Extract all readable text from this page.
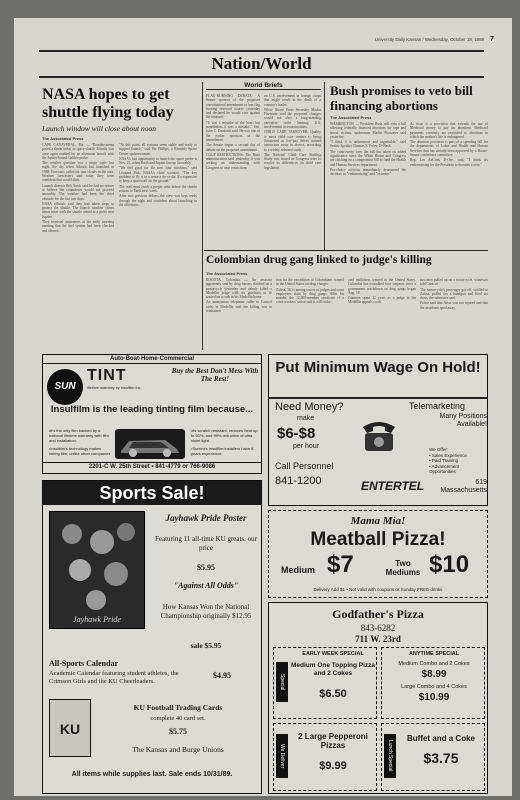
University Daily Kansan / Wednesday, October 18, 1989 7
Nation/World
NASA hopes to get shuttle flying today
Launch window will close about noon
The Associated Press

CAPE CANAVERAL, Fla. — Thunderstorms posed a threat today as space shuttle Atlantis was once again readied for an afternoon launch with the Jupiter-bound Galileo probe.

The weather question was a major topic last night, the day when Atlantis last launched in 1988. Forecasts called for rain clouds in the area. Weather forecasters said today they were confident that would shift.

Launch director Bob Sieck said he had no reason to believe the countdown would not proceed smoothly. The weather had been the chief obstacle for the last two days.

NASA officials said they had taken steps to protect the shuttle. The launch window closes about noon with the shuttle aimed at a point near Jupiter.

They received assurances at the early morning meeting that the fuel system had been checked and cleared.

"At this point, all systems seem stable and ready to support launch," said Pat Phillips, a Kennedy Space Center spokeswoman.

NASA's last opportunity to launch the space probe is Nov. 21, when Earth and Jupiter line up favorably.

"We feel good for the next four windows," said Leonard Fisk, NASA's chief scientist. "The key problem to fly is in a sense a do-or-die. It's expensive to keep a spacecraft on the ground."

The craft must reach a proper orbit before the shuttle returns to Earth next week.

After two previous delays, the crew was kept ready through the night and confident about launching in the afternoon.

World Briefs

FLAG-BURNING DEBATE: A Senate sponsor of the proposed constitutional amendment to ban flag burning reversed course yesterday and declared he would vote against the measure.

"It was a mistake of the heart but nonetheless it was a mistake," Sen. John C. Danforth said. He was one of the earlier sponsors of the amendment.

The Senate began a second day of debate on the proposed amendment.

COUP RESTRICTIONS: The Bush administration said yesterday it was seeking an understanding with Congress to ease restrictions

on U.S. involvement in foreign coups that might result in the death of a country's leader.

White House Press Secretary Marlin Fitzwater said the proposed changes would not alter a long-standing executive order banning U.S. involvement in assassinations.

CHILD CARE TAKEOVER: Quality is most child care centers is being threatened as low-pay drives trained instructors away in droves, according to a widely released study.

The National Child Care Staffing Study was issued as Congress tries to resolve its differences on child care legislation.

Bush promises to veto bill financing abortions
The Associated Press

WASHINGTON — President Bush will veto a bill allowing federally financed abortions for rape and incest victims, spokesman Marlin Fitzwater said yesterday.

"I think it is unfortunate and regrettable," said Senate Speaker Thomas S. Foley, D-Wash.

The controversy over the bill has taken on added significance since the White House and Congress are clashing on a compromise bill to fund the Health and Human Services department.

Pro-choice activists immediately denounced the decision as "embarrassing" and "extreme."

At issue is a provision that extends the use of Medicaid money to pay for abortions. Medicaid payments currently are restricted to abortions in which the mother's life is endangered.

The abortion provision is part of a spending bill for the departments of Labor and Health and Human Services that has already been approved by a House-Senate conference committee.

Rep. Les AuCoin, D-Ore., said, "I think it's embarrassing for the President to threaten a veto."

Colombian drug gang linked to judge's killing
The Associated Press

BOGOTA, Colombia — An assassin apparently sent by drug barons climbed on a motorcycle yesterday and calmly killed a Medellin judge with six gunshots as he waited on a curb in his Medellin home.

An anonymous telephone caller to Caracol radio in Medellin said the killing was in retaliation.

tion for the extradition of Colombians wanted in the United States on drug charges.

Zuleta, 36, is among scores of judges and court employees slain by drug gangs. After his murder, the 12,000-member syndicate of a court workers' union said it will strike.

cted traffickers wanted in the United States. Colombia has extradited four suspects since a government crackdown on drug gangs began Aug. 18.

Gunmen spent 12 years as a judge in the Medellin appeals court.

two men pulled up on a motorcycle, witnesses told Caracol.

The motorcycle's passenger got off, strolled to Zuleta, pulled out a handgun and fired six shots, the witnesses said.

Police said that Arias was not injured and that the assailants sped away.

Auto·Boat·Home·Commercial
SUN
TINT
lifetime warranty by insulfilm inc.
Buy the Best Don't Mess With The Rest!
Insulfilm is the leading tinting film because...
•it's the only film backed by a national lifetime warranty with film and installation.
•Insulfilm's technology makes tinting film; unlike other companies
•its scratch resistant, reduces heat up to 60%, and 99% reduction of ultra violet light.
•Suntint's Insulfilm installers have 8 years experience.
2201-C W. 25th Street • 841-4779 or 766-9086
Sports Sale!
Jayhawk Pride
Jayhawk Pride Poster
Featuring 11 all-time KU greats. our price
$5.95
"Against All Odds"
How Kansas Won the National Championship originally $12.95
sale $5.95
All-Sports Calendar
Academic Calendar featuring student athletes, the Crimson Girls and the KU Cheerleaders.
$4.95
KU
KU Football Trading Cards
complete 40 card set.
$5.75
The Kansas and Burge Unions
All items while supplies last. Sale ends 10/31/89.
Put Minimum Wage On Hold!
Need Money?
make
$6-$8
per hour
Call Personnel
841-1200
Telemarketing
Many Positions Available!
We Offer:
• Sales Experience
• Paid Training
• Advancement Opportunities
ENTERTEL	619 Massachusetts
Mama Mia!
Meatball Pizza!
Medium $7	Two Mediums $10
Delivery Add $1 • Not valid with coupons or Sunday FREE drinks
Godfather's Pizza
843-6282
711 W. 23rd
Special
EARLY WEEK SPECIAL
Medium One Topping Pizza and 2 Cokes
$6.50
ANYTIME SPECIAL
Medium Combo and 2 Cokes
$8.99
Large Combo and 4 Cokes
$10.99
We Deliver
2 Large Pepperoni Pizzas
$9.99	Lunch Special
Buffet and a Coke
$3.75
